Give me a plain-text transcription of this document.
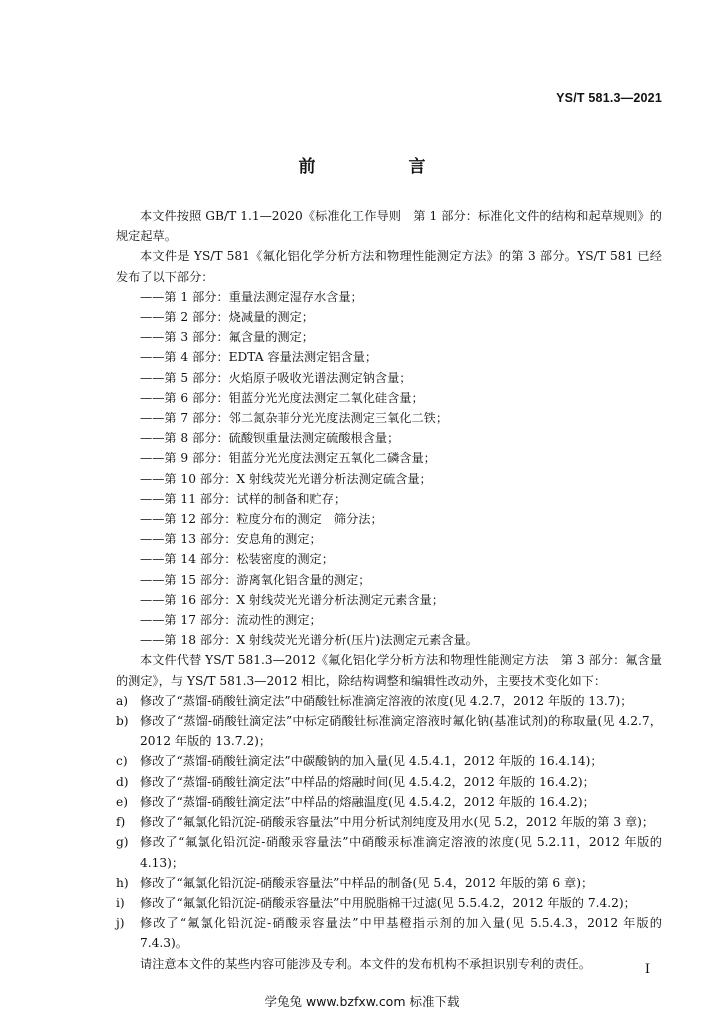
YS/T 581.3—2021
前　言

本文件按照 GB/T 1.1—2020《标准化工作导则　第 1 部分：标准化文件的结构和起草规则》的规定起草。

本文件是 YS/T 581《氟化铝化学分析方法和物理性能测定方法》的第 3 部分。YS/T 581 已经发布了以下部分：

——第 1 部分：重量法测定湿存水含量；

——第 2 部分：烧减量的测定；

——第 3 部分：氟含量的测定；

——第 4 部分：EDTA 容量法测定铝含量；

——第 5 部分：火焰原子吸收光谱法测定钠含量；

——第 6 部分：钼蓝分光光度法测定二氧化硅含量；

——第 7 部分：邻二氮杂菲分光光度法测定三氧化二铁；

——第 8 部分：硫酸钡重量法测定硫酸根含量；

——第 9 部分：钼蓝分光光度法测定五氧化二磷含量；

——第 10 部分：X 射线荧光光谱分析法测定硫含量；

——第 11 部分：试样的制备和贮存；

——第 12 部分：粒度分布的测定　筛分法；

——第 13 部分：安息角的测定；

——第 14 部分：松装密度的测定；

——第 15 部分：游离氧化铝含量的测定；

——第 16 部分：X 射线荧光光谱分析法测定元素含量；

——第 17 部分：流动性的测定；

——第 18 部分：X 射线荧光光谱分析(压片)法测定元素含量。

本文件代替 YS/T 581.3—2012《氟化铝化学分析方法和物理性能测定方法　第 3 部分：氟含量的测定》，与 YS/T 581.3—2012 相比，除结构调整和编辑性改动外，主要技术变化如下：

a) 修改了“蒸馏-硝酸钍滴定法”中硝酸钍标准滴定溶液的浓度(见 4.2.7，2012 年版的 13.7)；

b) 修改了“蒸馏-硝酸钍滴定法”中标定硝酸钍标准滴定溶液时氟化钠(基准试剂)的称取量(见 4.2.7，2012 年版的 13.7.2)；

c) 修改了“蒸馏-硝酸钍滴定法”中碳酸钠的加入量(见 4.5.4.1，2012 年版的 16.4.14)；

d) 修改了“蒸馏-硝酸钍滴定法”中样品的熔融时间(见 4.5.4.2，2012 年版的 16.4.2)；

e) 修改了“蒸馏-硝酸钍滴定法”中样品的熔融温度(见 4.5.4.2，2012 年版的 16.4.2)；

f) 修改了“氟氯化铅沉淀-硝酸汞容量法”中用分析试剂纯度及用水(见 5.2，2012 年版的第 3 章)；

g) 修改了“氟氯化铅沉淀-硝酸汞容量法”中硝酸汞标准滴定溶液的浓度(见 5.2.11，2012 年版的 4.13)；

h) 修改了“氟氯化铅沉淀-硝酸汞容量法”中样品的制备(见 5.4，2012 年版的第 6 章)；

i) 修改了“氟氯化铅沉淀-硝酸汞容量法”中用脱脂棉干过滤(见 5.5.4.2，2012 年版的 7.4.2)；

j) 修改了“氟氯化铅沉淀-硝酸汞容量法”中甲基橙指示剂的加入量(见 5.5.4.3，2012 年版的 7.4.3)。

请注意本文件的某些内容可能涉及专利。本文件的发布机构不承担识别专利的责任。	I
学兔兔 www.bzfxw.com 标准下载
